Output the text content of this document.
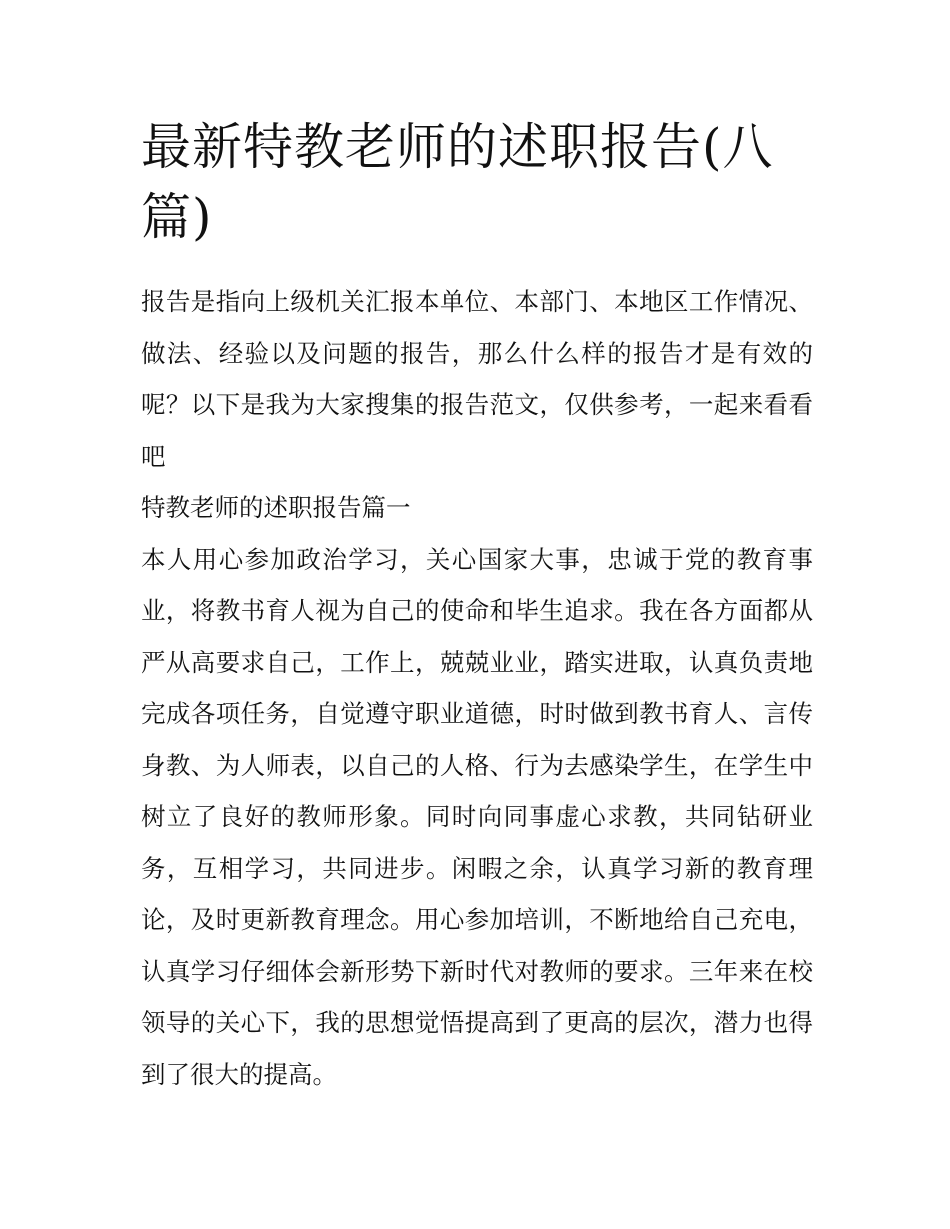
最新特教老师的述职报告(八篇)

报告是指向上级机关汇报本单位、本部门、本地区工作情况、做法、经验以及问题的报告，那么什么样的报告才是有效的呢？以下是我为大家搜集的报告范文，仅供参考，一起来看看吧

特教老师的述职报告篇一

本人用心参加政治学习，关心国家大事，忠诚于党的教育事业，将教书育人视为自己的使命和毕生追求。我在各方面都从严从高要求自己，工作上，兢兢业业，踏实进取，认真负责地完成各项任务，自觉遵守职业道德，时时做到教书育人、言传身教、为人师表，以自己的人格、行为去感染学生，在学生中树立了良好的教师形象。同时向同事虚心求教，共同钻研业务，互相学习，共同进步。闲暇之余，认真学习新的教育理论，及时更新教育理念。用心参加培训，不断地给自己充电，认真学习仔细体会新形势下新时代对教师的要求。三年来在校领导的关心下，我的思想觉悟提高到了更高的层次，潜力也得到了很大的提高。
